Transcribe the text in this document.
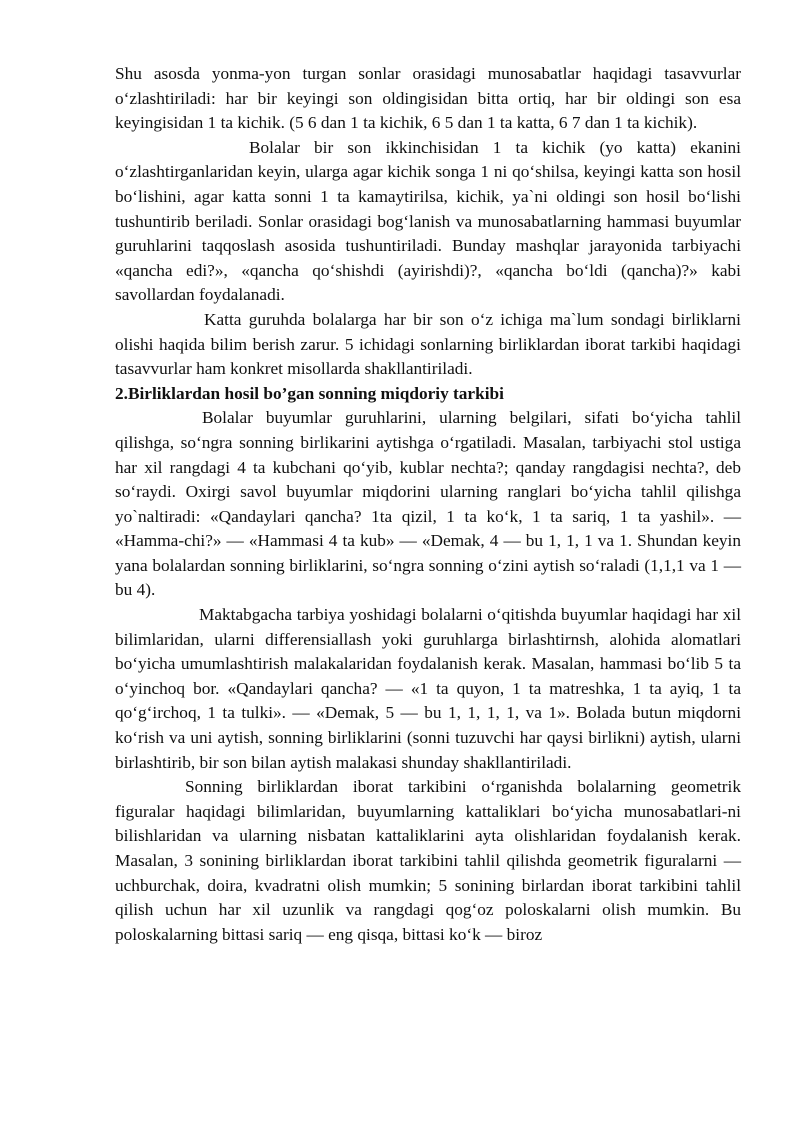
Shu asosda yonma-yon turgan sonlar orasidagi munosabatlar haqidagi tasavvurlar oʻzlashtiriladi: har bir keyingi son oldingisidan bitta ortiq, har bir oldingi son esa keyingisidan 1 ta kichik. (5 6 dan 1 ta kichik, 6 5 dan 1 ta katta, 6 7 dan 1 ta kichik).

Bolalar bir son ikkinchisidan 1 ta kichik (yo katta) ekanini oʻzlashtirganlaridan keyin, ularga agar kichik songa 1 ni qoʻshilsa, keyingi katta son hosil boʻlishini, agar katta sonni 1 ta kamaytirilsa, kichik, ya`ni oldingi son hosil boʻlishi tushuntirib beriladi. Sonlar orasidagi bogʻlanish va munosabatlarning hammasi buyumlar guruhlarini taqqoslash asosida tushuntiriladi. Bunday mashqlar jarayonida tarbiyachi «qancha edi?», «qancha qoʻshishdi (ayirishdi)?, «qancha boʻldi (qancha)?» kabi savollardan foydalanadi.

Katta guruhda bolalarga har bir son oʻz ichiga ma`lum sondagi birliklarni olishi haqida bilim berish zarur. 5 ichidagi sonlarning birliklardan iborat tarkibi haqidagi tasavvurlar ham konkret misollarda shakllantiriladi.

2.Birliklardan hosil bo’gan sonning miqdoriy tarkibi

Bolalar buyumlar guruhlarini, ularning belgilari, sifati boʻyicha tahlil qilishga, soʻngra sonning birlikarini aytishga oʻrgatiladi. Masalan, tarbiyachi stol ustiga har xil rangdagi 4 ta kubchani qoʻyib, kublar nechta?; qanday rangdagisi nechta?, deb soʻraydi. Oxirgi savol buyumlar miqdorini ularning ranglari boʻyicha tahlil qilishga yo`naltiradi: «Qandaylari qancha? 1ta qizil, 1 ta koʻk, 1 ta sariq, 1 ta yashil». — «Hamma-chi?» — «Hammasi 4 ta kub» — «Demak, 4 — bu 1, 1, 1 va 1. Shundan keyin yana bolalardan sonning birliklarini, soʻngra sonning oʻzini aytish soʻraladi (1,1,1 va 1 — bu 4).

Maktabgacha tarbiya yoshidagi bolalarni oʻqitishda buyumlar haqidagi har xil bilimlaridan, ularni differensiallash yoki guruhlarga birlashtirnsh, alohida alomatlari boʻyicha umumlashtirish malakalaridan foydalanish kerak. Masalan, hammasi boʻlib 5 ta oʻyinchoq bor. «Qandaylari qancha? — «1 ta quyon, 1 ta matreshka, 1 ta ayiq, 1 ta qoʻgʻirchoq, 1 ta tulki». — «Demak, 5 — bu 1, 1, 1, 1, va 1». Bolada butun miqdorni koʻrish va uni aytish, sonning birliklarini (sonni tuzuvchi har qaysi birlikni) aytish, ularni birlashtirib, bir son bilan aytish malakasi shunday shakllantiriladi.

Sonning birliklardan iborat tarkibini oʻrganishda bolalarning geometrik figuralar haqidagi bilimlaridan, buyumlarning kattaliklari boʻyicha munosabatlari-ni bilishlaridan va ularning nisbatan kattaliklarini ayta olishlaridan foydalanish kerak. Masalan, 3 sonining birliklardan iborat tarkibini tahlil qilishda geometrik figuralarni — uchburchak, doira, kvadratni olish mumkin; 5 sonining birlardan iborat tarkibini tahlil qilish uchun har xil uzunlik va rangdagi qogʻoz poloskalarni olish mumkin. Bu poloskalarning bittasi sariq — eng qisqa, bittasi koʻk — biroz
